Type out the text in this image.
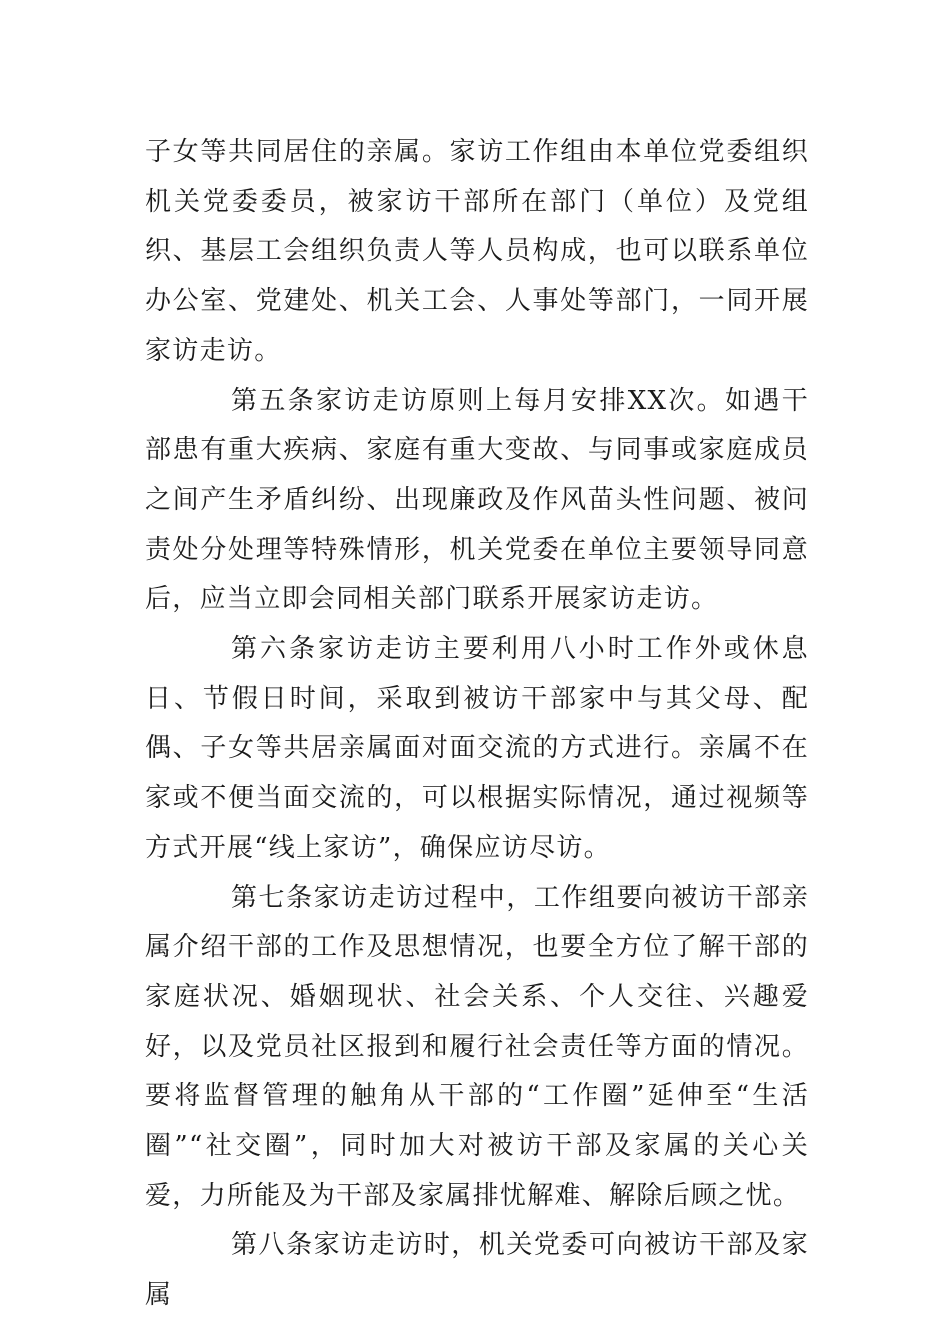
子女等共同居住的亲属。家访工作组由本单位党委组织机关党委委员，被家访干部所在部门（单位）及党组织、基层工会组织负责人等人员构成，也可以联系单位办公室、党建处、机关工会、人事处等部门，一同开展家访走访。

第五条家访走访原则上每月安排XX次。如遇干部患有重大疾病、家庭有重大变故、与同事或家庭成员之间产生矛盾纠纷、出现廉政及作风苗头性问题、被问责处分处理等特殊情形，机关党委在单位主要领导同意后，应当立即会同相关部门联系开展家访走访。

第六条家访走访主要利用八小时工作外或休息日、节假日时间，采取到被访干部家中与其父母、配偶、子女等共居亲属面对面交流的方式进行。亲属不在家或不便当面交流的，可以根据实际情况，通过视频等方式开展“线上家访”，确保应访尽访。

第七条家访走访过程中，工作组要向被访干部亲属介绍干部的工作及思想情况，也要全方位了解干部的家庭状况、婚姻现状、社会关系、个人交往、兴趣爱好，以及党员社区报到和履行社会责任等方面的情况。要将监督管理的触角从干部的“工作圈”延伸至“生活圈”“社交圈”，同时加大对被访干部及家属的关心关爱，力所能及为干部及家属排忧解难、解除后顾之忧。

第八条家访走访时，机关党委可向被访干部及家属
